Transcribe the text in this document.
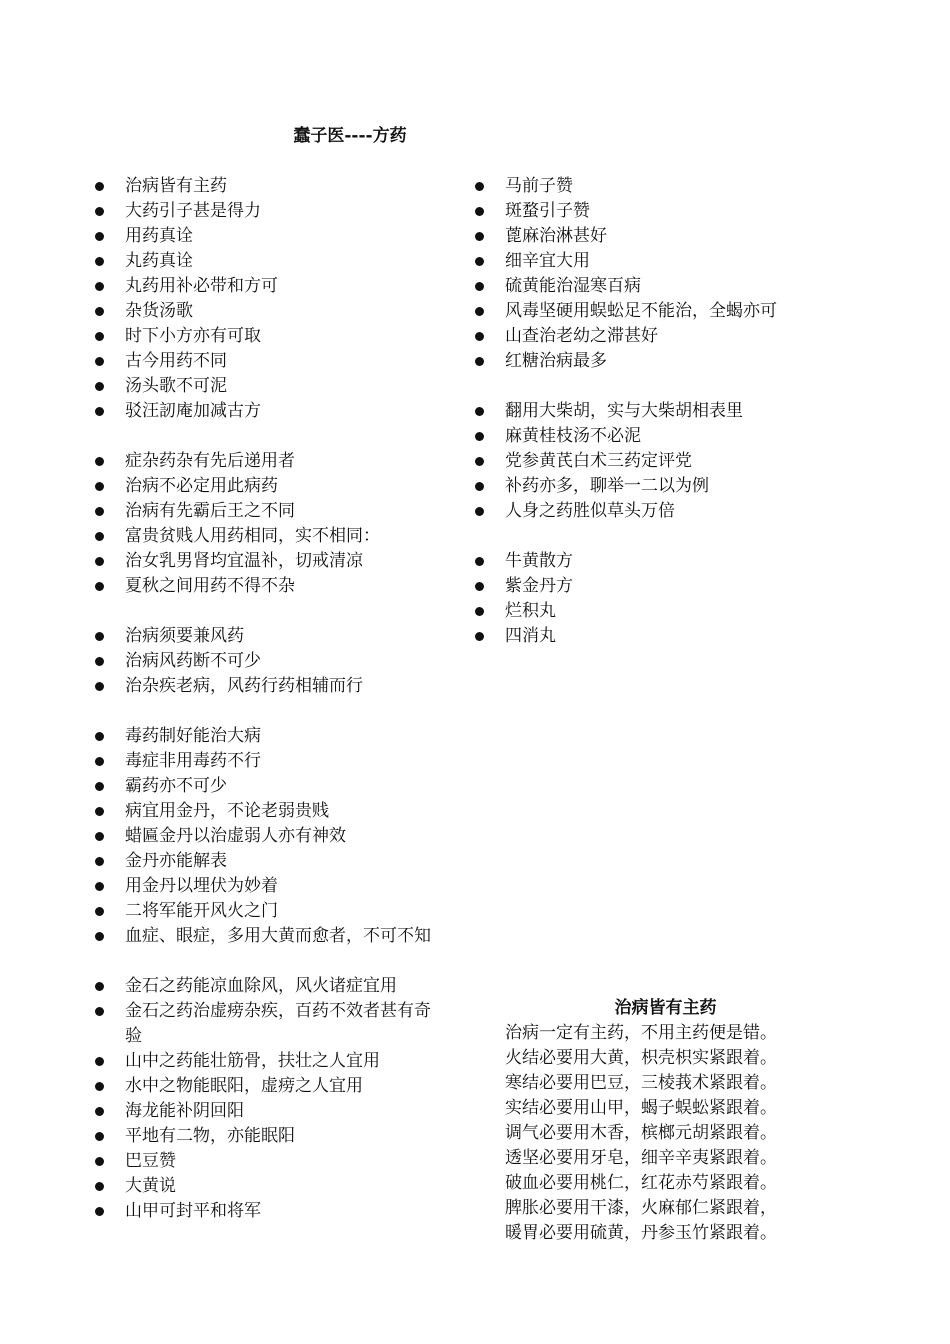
蠢子医----方药
治病皆有主药
大药引子甚是得力
用药真诠
丸药真诠
丸药用补必带和方可
杂货汤歌
时下小方亦有可取
古今用药不同
汤头歌不可泥
驳汪訒庵加减古方
症杂药杂有先后递用者
治病不必定用此病药
治病有先霸后王之不同
富贵贫贱人用药相同，实不相同：
治女乳男肾均宜温补，切戒清凉
夏秋之间用药不得不杂
治病须要兼风药
治病风药断不可少
治杂疾老病，风药行药相辅而行
毒药制好能治大病
毒症非用毒药不行
霸药亦不可少
病宜用金丹，不论老弱贵贱
蜡匾金丹以治虚弱人亦有神效
金丹亦能解表
用金丹以埋伏为妙着
二将军能开风火之门
血症、眼症，多用大黄而愈者，不可不知
金石之药能凉血除风，风火诸症宜用
金石之药治虚痨杂疾，百药不效者甚有奇验
山中之药能壮筋骨，扶壮之人宜用
水中之物能眠阳，虚痨之人宜用
海龙能补阴回阳
平地有二物，亦能眠阳
巴豆赞
大黄说
山甲可封平和将军
马前子赞
斑蝥引子赞
蓖麻治淋甚好
细辛宜大用
硫黄能治湿寒百病
风毒坚硬用蜈蚣足不能治，全蝎亦可
山查治老幼之滞甚好
红糖治病最多
翻用大柴胡，实与大柴胡相表里
麻黄桂枝汤不必泥
党参黄芪白术三药定评党
补药亦多，聊举一二以为例
人身之药胜似草头万倍
牛黄散方
紫金丹方
烂积丸
四消丸
治病皆有主药
治病一定有主药，不用主药便是错。
火结必要用大黄，枳壳枳实紧跟着。
寒结必要用巴豆，三棱莪术紧跟着。
实结必要用山甲，蝎子蜈蚣紧跟着。
调气必要用木香，槟榔元胡紧跟着。
透坚必要用牙皂，细辛辛夷紧跟着。
破血必要用桃仁，红花赤芍紧跟着。
脾胀必要用干漆，火麻郁仁紧跟着，
暖胃必要用硫黄，丹参玉竹紧跟着。
